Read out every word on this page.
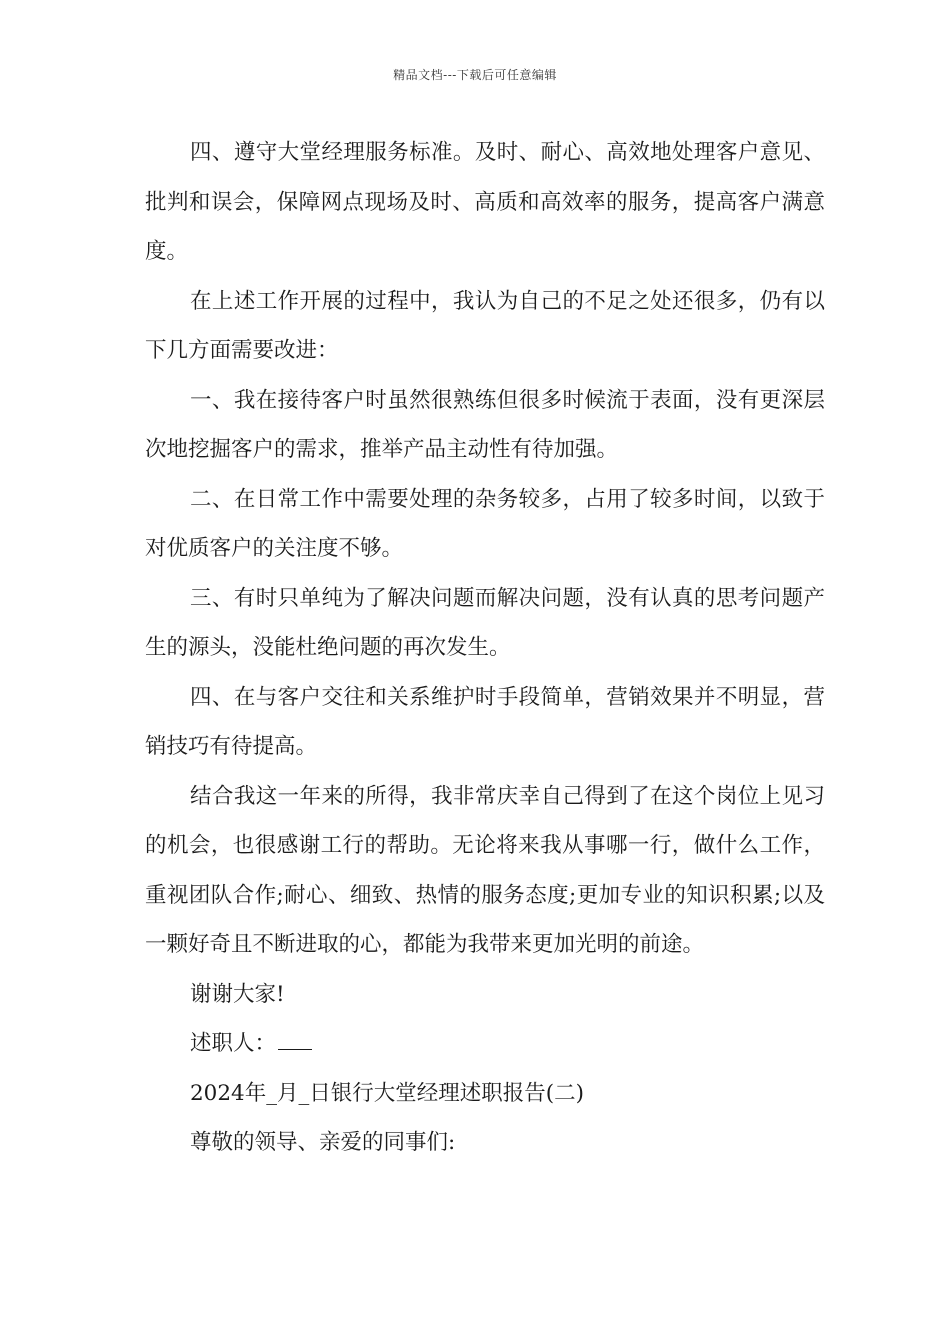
精品文档---下载后可任意编辑

四、遵守大堂经理服务标准。及时、耐心、高效地处理客户意见、批判和误会，保障网点现场及时、高质和高效率的服务，提高客户满意度。

在上述工作开展的过程中，我认为自己的不足之处还很多，仍有以下几方面需要改进：

一、我在接待客户时虽然很熟练但很多时候流于表面，没有更深层次地挖掘客户的需求，推举产品主动性有待加强。

二、在日常工作中需要处理的杂务较多，占用了较多时间，以致于对优质客户的关注度不够。

三、有时只单纯为了解决问题而解决问题，没有认真的思考问题产生的源头，没能杜绝问题的再次发生。

四、在与客户交往和关系维护时手段简单，营销效果并不明显，营销技巧有待提高。

结合我这一年来的所得，我非常庆幸自己得到了在这个岗位上见习的机会，也很感谢工行的帮助。无论将来我从事哪一行，做什么工作，重视团队合作;耐心、细致、热情的服务态度;更加专业的知识积累;以及一颗好奇且不断进取的心，都能为我带来更加光明的前途。

谢谢大家!

述职人：

2024年_月_日银行大堂经理述职报告(二)

尊敬的领导、亲爱的同事们:
